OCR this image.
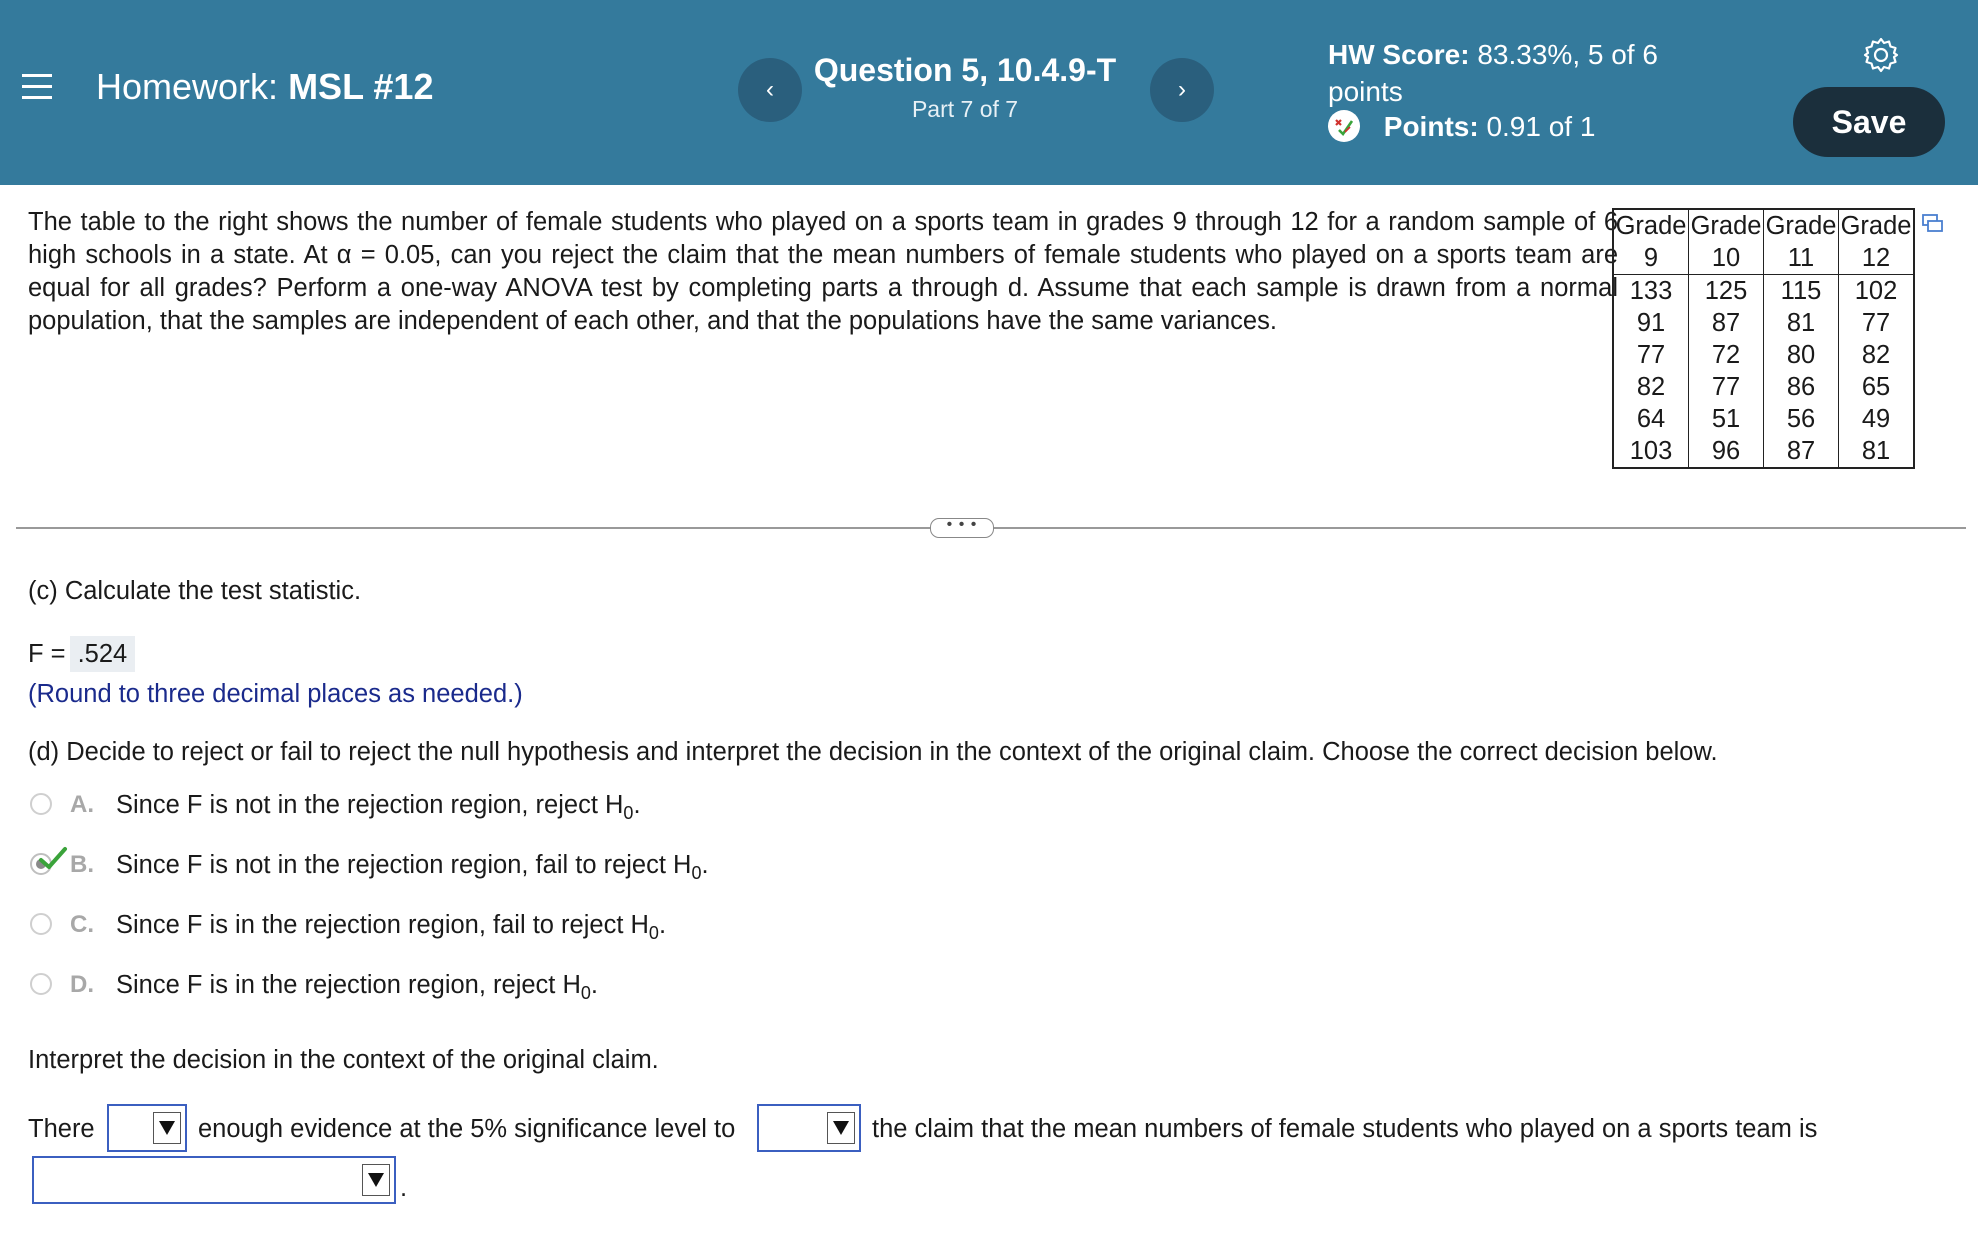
Homework: MSL #12	‹
Question 5, 10.4.9-T
Part 7 of 7
›
HW Score: 83.33%, 5 of 6
points
Points: 0.91 of 1	Save
The table to the right shows the number of female students who played on a sports team in grades 9 through 12 for a random sample of 6 high schools in a state. At α = 0.05, can you reject the claim that the mean numbers of female students who played on a sports team are equal for all grades? Perform a one-way ANOVA test by completing parts a through d. Assume that each sample is drawn from a normal population, that the samples are independent of each other, and that the populations have the same variances.
Grade	Grade	Grade	Grade
9	10	11	12
133	125	115	102
91	87	81	77
77	72	80	82
82	77	86	65
64	51	56	49
103	96	87	81
• • •
(c) Calculate the test statistic.
F = .524
(Round to three decimal places as needed.)
(d) Decide to reject or fail to reject the null hypothesis and interpret the decision in the context of the original claim. Choose the correct decision below.
A. Since F is not in the rejection region, reject $H_0$.
B. Since F is not in the rejection region, fail to reject $H_0$.
C. Since F is in the rejection region, fail to reject $H_0$.
D. Since F is in the rejection region, reject $H_0$.
Interpret the decision in the context of the original claim.
There	enough evidence at the 5% significance level to	the claim that the mean numbers of female students who played on a sports team is
.
